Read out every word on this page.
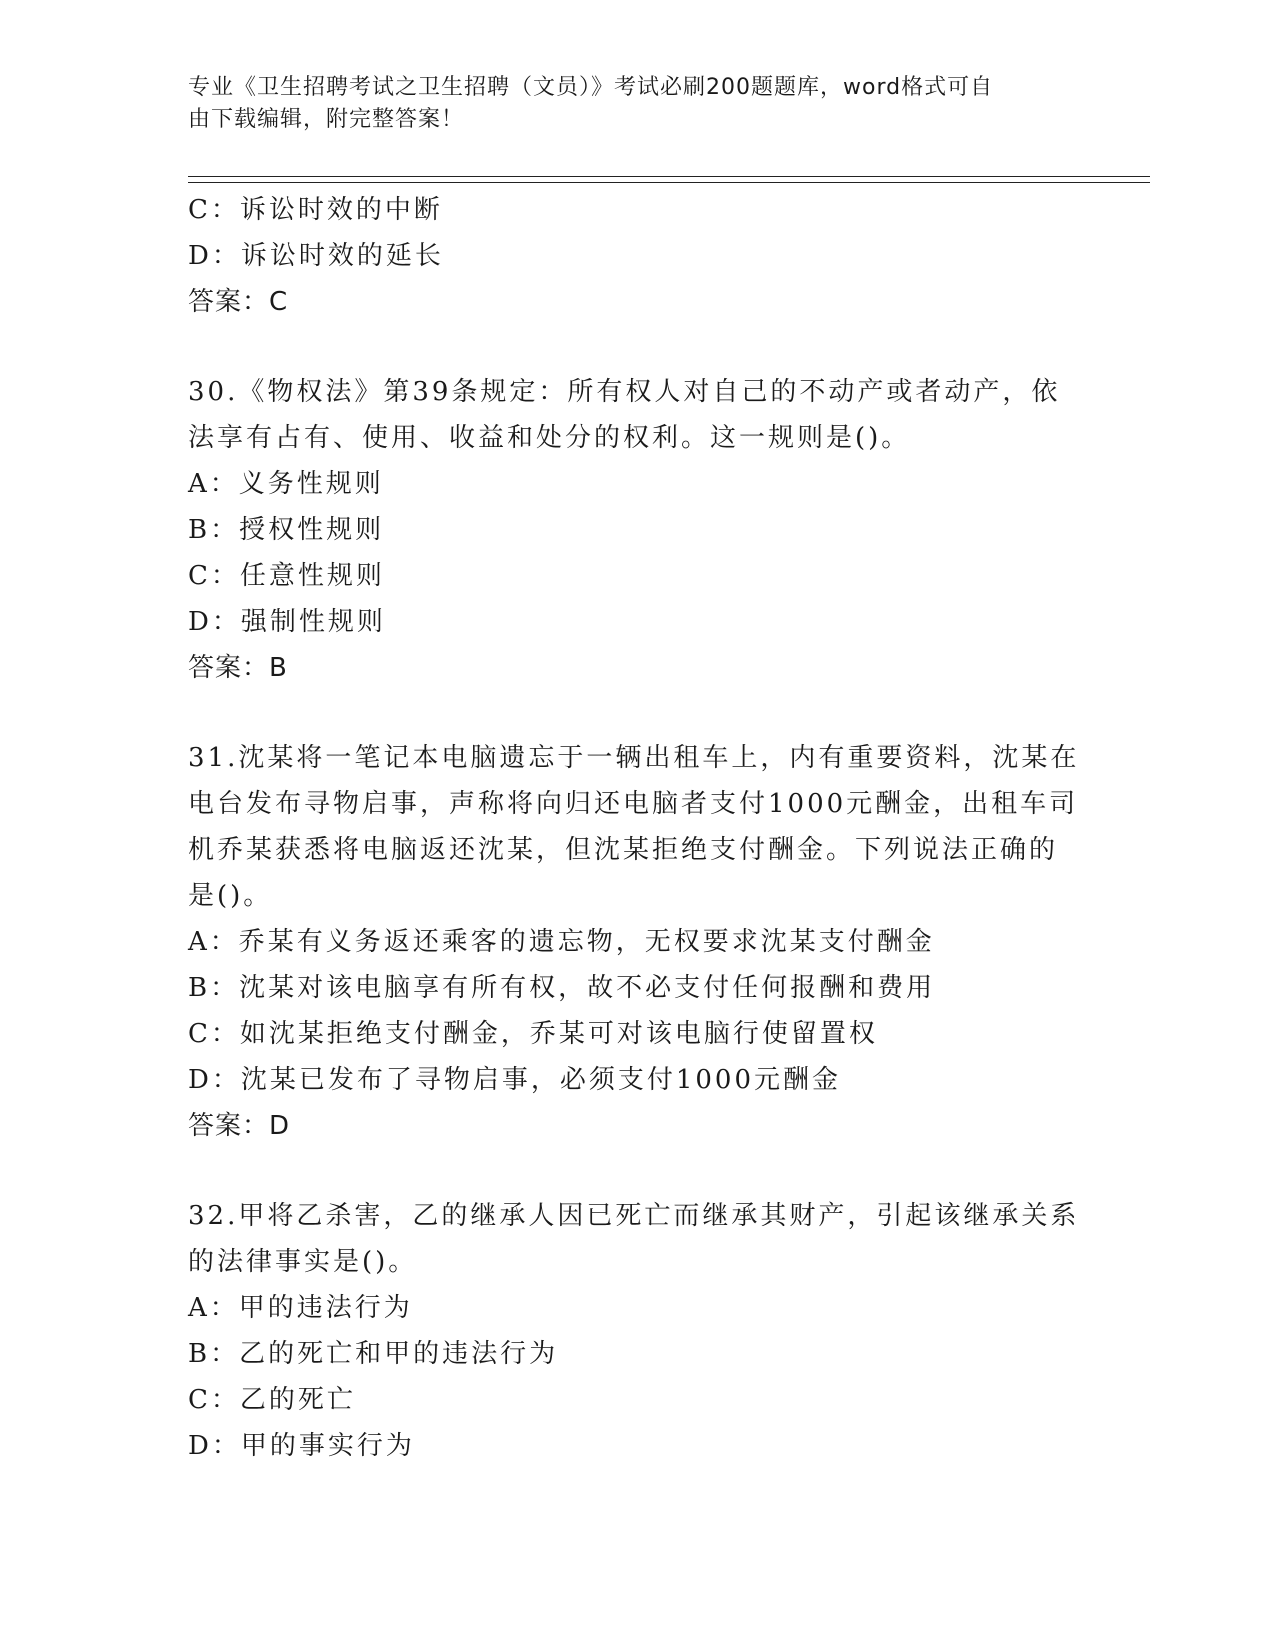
专业《卫生招聘考试之卫生招聘（文员）》考试必刷200题题库，word格式可自
由下载编辑，附完整答案！
C：诉讼时效的中断
D：诉讼时效的延长
答案：C
30.《物权法》第39条规定：所有权人对自己的不动产或者动产，依
法享有占有、使用、收益和处分的权利。这一规则是()。
A：义务性规则
B：授权性规则
C：任意性规则
D：强制性规则
答案：B
31.沈某将一笔记本电脑遗忘于一辆出租车上，内有重要资料，沈某在
电台发布寻物启事，声称将向归还电脑者支付1000元酬金，出租车司
机乔某获悉将电脑返还沈某，但沈某拒绝支付酬金。下列说法正确的
是()。
A：乔某有义务返还乘客的遗忘物，无权要求沈某支付酬金
B：沈某对该电脑享有所有权，故不必支付任何报酬和费用
C：如沈某拒绝支付酬金，乔某可对该电脑行使留置权
D：沈某已发布了寻物启事，必须支付1000元酬金
答案：D
32.甲将乙杀害，乙的继承人因已死亡而继承其财产，引起该继承关系
的法律事实是()。
A：甲的违法行为
B：乙的死亡和甲的违法行为
C：乙的死亡
D：甲的事实行为
